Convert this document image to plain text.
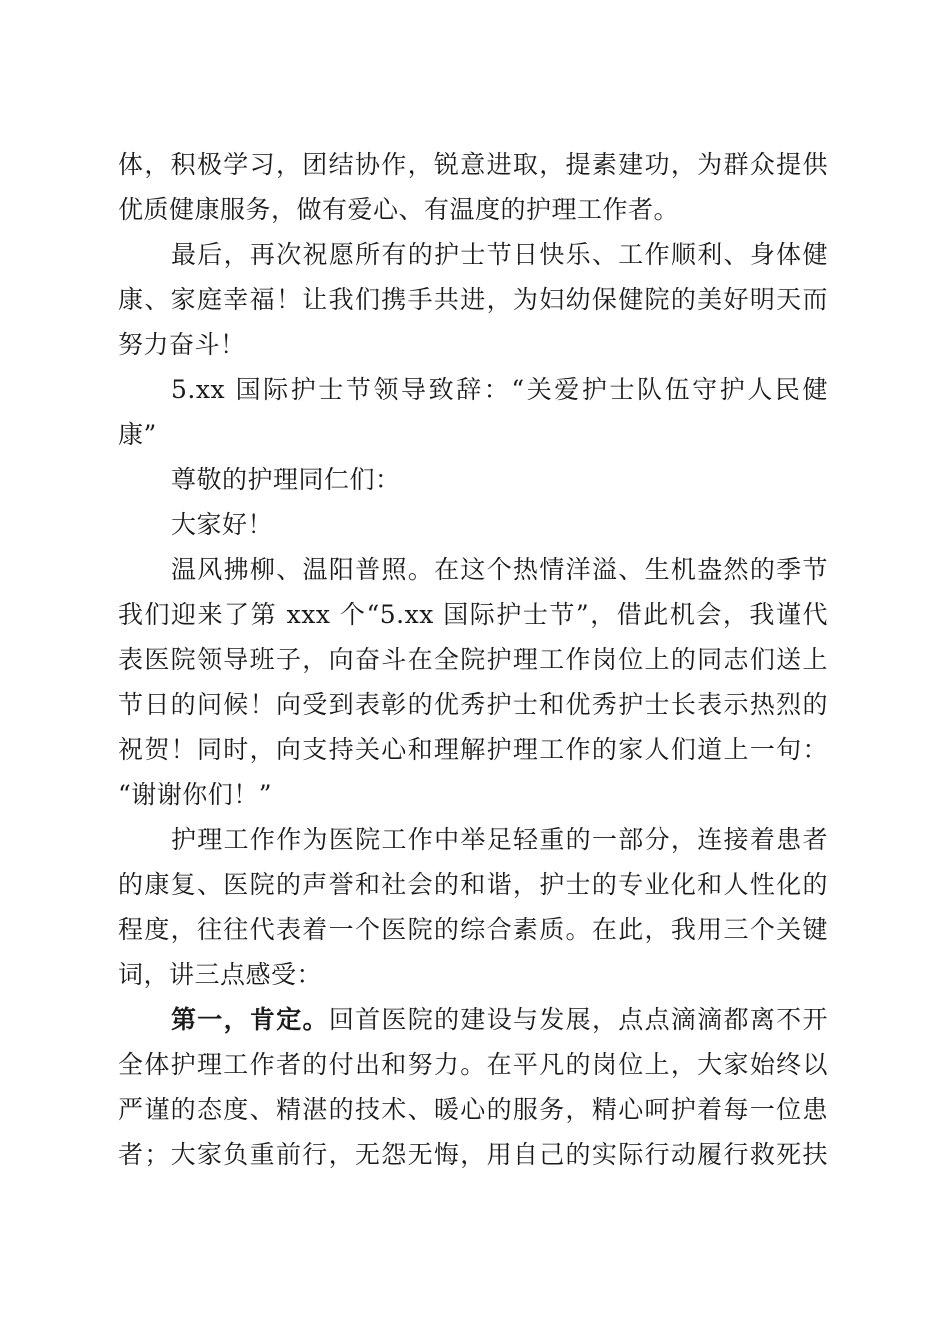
体，积极学习，团结协作，锐意进取，提素建功，为群众提供
优质健康服务，做有爱心、有温度的护理工作者。
最后，再次祝愿所有的护士节日快乐、工作顺利、身体健
康、家庭幸福！让我们携手共进，为妇幼保健院的美好明天而
努力奋斗！
5.xx 国际护士节领导致辞：“关爱护士队伍守护人民健
康”
尊敬的护理同仁们：
大家好！
温风拂柳、温阳普照。在这个热情洋溢、生机盎然的季节
我们迎来了第 xxx 个“5.xx 国际护士节”，借此机会，我谨代
表医院领导班子，向奋斗在全院护理工作岗位上的同志们送上
节日的问候！向受到表彰的优秀护士和优秀护士长表示热烈的
祝贺！同时，向支持关心和理解护理工作的家人们道上一句：
“谢谢你们！”
护理工作作为医院工作中举足轻重的一部分，连接着患者
的康复、医院的声誉和社会的和谐，护士的专业化和人性化的
程度，往往代表着一个医院的综合素质。在此，我用三个关键
词，讲三点感受：
第一，肯定。回首医院的建设与发展，点点滴滴都离不开
全体护理工作者的付出和努力。在平凡的岗位上，大家始终以
严谨的态度、精湛的技术、暖心的服务，精心呵护着每一位患
者；大家负重前行，无怨无悔，用自己的实际行动履行救死扶
